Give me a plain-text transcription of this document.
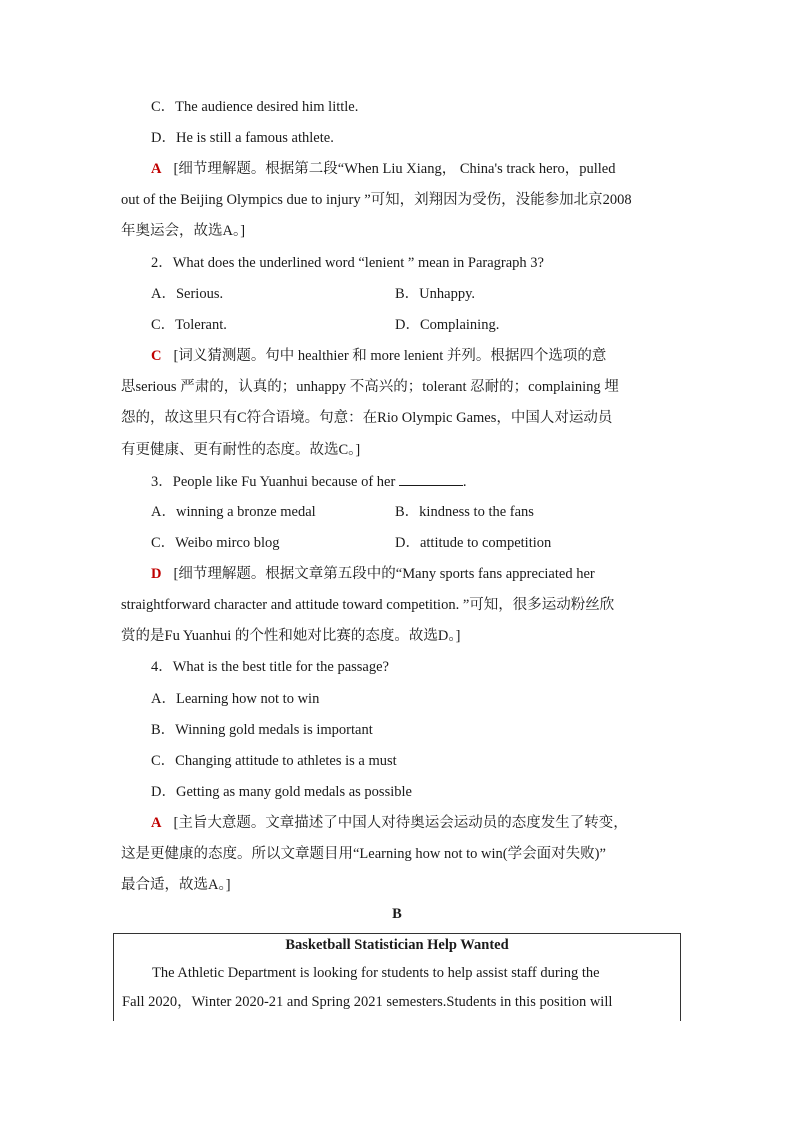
C．The audience desired him little.
D．He is still a famous athlete.
A [细节理解题。根据第二段“When Liu Xiang， China's track hero，pulled
out of the Beijing Olympics due to injury ”可知，刘翔因为受伤，没能参加北京2008
年奥运会，故选A。]
2．What does the underlined word “lenient ” mean in Paragraph 3?
A．Serious.	B．Unhappy.
C．Tolerant.	D．Complaining.
C [词义猜测题。句中 healthier 和 more lenient 并列。根据四个选项的意
思serious 严肃的，认真的；unhappy 不高兴的；tolerant 忍耐的；complaining 埋
怨的，故这里只有C符合语境。句意：在Rio Olympic Games，中国人对运动员
有更健康、更有耐性的态度。故选C。]
3．People like Fu Yuanhui because of her	.
A．winning a bronze medal	B．kindness to the fans
C．Weibo mirco blog	D．attitude to competition
D [细节理解题。根据文章第五段中的“Many sports fans appreciated her
straightforward character and attitude toward competition. ”可知，很多运动粉丝欣
赏的是Fu Yuanhui 的个性和她对比赛的态度。故选D。]
4．What is the best title for the passage?
A．Learning how not to win
B．Winning gold medals is important
C．Changing attitude to athletes is a must
D．Getting as many gold medals as possible
A [主旨大意题。文章描述了中国人对待奥运会运动员的态度发生了转变，
这是更健康的态度。所以文章题目用“Learning how not to win(学会面对失败)”
最合适，故选A。]
B
Basketball Statistician Help Wanted
The Athletic Department is looking for students to help assist staff during the
Fall 2020，Winter 2020-21 and Spring 2021 semesters.Students in this position will
